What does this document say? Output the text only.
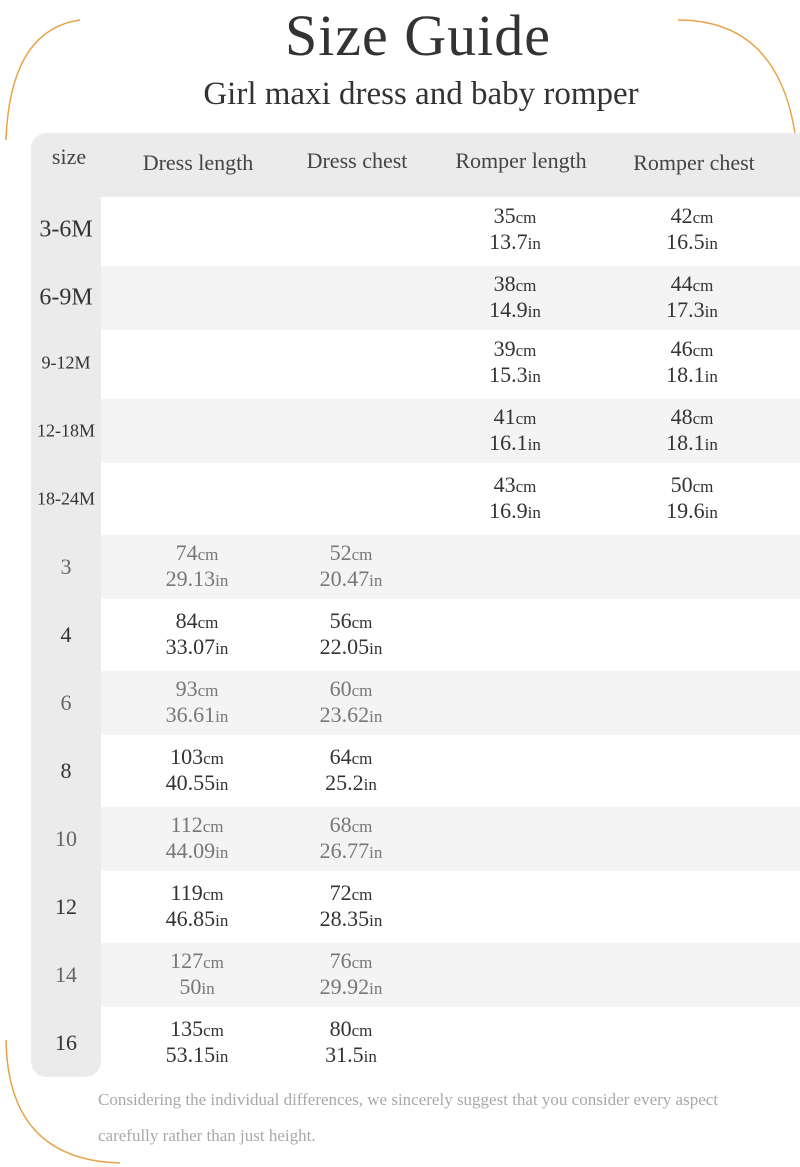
Size Guide
Girl maxi dress and baby romper
size	Dress length Dress chest Romper length Romper chest
3-6M
35cm
13.7in
42cm
16.5in
6-9M
38cm
14.9in
44cm
17.3in
9-12M
39cm
15.3in
46cm
18.1in
12-18M
41cm
16.1in
48cm
18.1in
18-24M
43cm
16.9in
50cm
19.6in
3
74cm
29.13in
52cm
20.47in
4
84cm
33.07in
56cm
22.05in
6
93cm
36.61in
60cm
23.62in
8
103cm
40.55in
64cm
25.2in
10
112cm
44.09in
68cm
26.77in
12
119cm
46.85in
72cm
28.35in
14
127cm
50in
76cm
29.92in
16
135cm
53.15in
80cm
31.5in
Considering the individual differences, we sincerely suggest that you consider every aspect carefully rather than just height.
